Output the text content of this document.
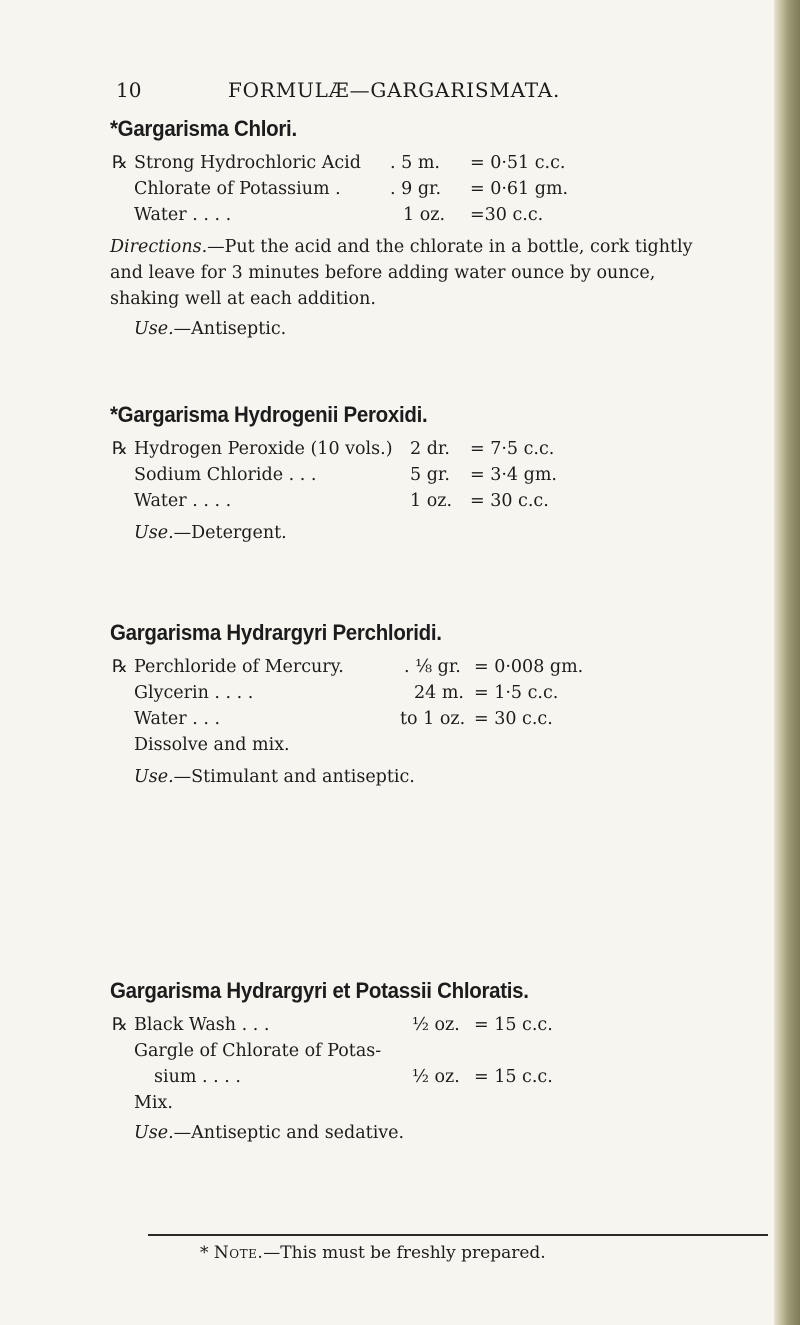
10	FORMULÆ—GARGARISMATA.
*Gargarisma Chlori.
℞ Strong Hydrochloric Acid . 5 m. = 0·51 c.c.
Chlorate of Potassium .	. 9 gr. = 0·61 gm.
Water . . . .	1 oz. =30 c.c.

Directions.—Put the acid and the chlorate in a bottle, cork tightly and leave for 3 minutes before adding water ounce by ounce, shaking well at each addition.

Use.—Antiseptic.

*Gargarisma Hydrogenii Peroxidi.
℞ Hydrogen Peroxide (10 vols.) 2 dr. = 7·5 c.c.
Sodium Chloride . . .	5 gr. = 3·4 gm.
Water . . . .	1 oz. = 30 c.c.

Use.—Detergent.

Gargarisma Hydrargyri Perchloridi.
℞ Perchloride of Mercury.	. ⅛ gr. = 0·008 gm.
Glycerin . . . .	24 m. = 1·5 c.c.
Water . . .	to 1 oz. = 30 c.c.
Dissolve and mix.

Use.—Stimulant and antiseptic.

Gargarisma Hydrargyri et Potassii Chloratis.
℞ Black Wash . . .	½ oz. = 15 c.c.
Gargle of Chlorate of Potas-
sium . . . .	½ oz. = 15 c.c.
Mix.

Use.—Antiseptic and sedative.

* Note.—This must be freshly prepared.
